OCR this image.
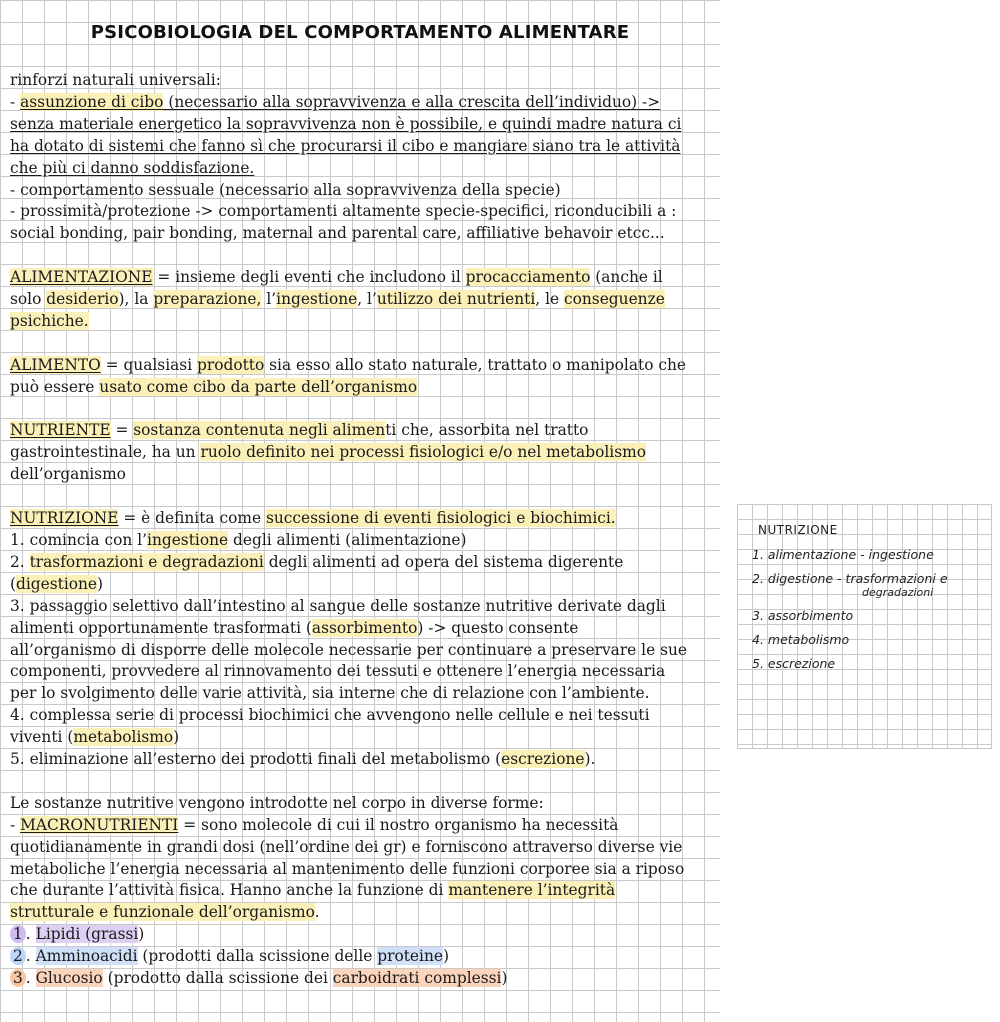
PSICOBIOLOGIA DEL COMPORTAMENTO ALIMENTARE

rinforzi naturali universali:

- assunzione di cibo (necessario alla sopravvivenza e alla crescita dell’individuo) ->

senza materiale energetico la sopravvivenza non è possibile, e quindi madre natura ci

ha dotato di sistemi che fanno sì che procurarsi il cibo e mangiare siano tra le attività

che più ci danno soddisfazione.

- comportamento sessuale (necessario alla sopravvivenza della specie)

- prossimità/protezione -> comportamenti altamente specie-specifici, riconducibili a :

social bonding, pair bonding, maternal and parental care, affiliative behavoir etcc...

ALIMENTAZIONE = insieme degli eventi che includono il procacciamento (anche il

solo desiderio), la preparazione, l’ingestione, l’utilizzo dei nutrienti, le conseguenze

psichiche.

ALIMENTO = qualsiasi prodotto sia esso allo stato naturale, trattato o manipolato che

può essere usato come cibo da parte dell’organismo

NUTRIENTE = sostanza contenuta negli alimenti che, assorbita nel tratto

gastrointestinale, ha un ruolo definito nei processi fisiologici e/o nel metabolismo

dell’organismo

NUTRIZIONE = è definita come successione di eventi fisiologici e biochimici.

1. comincia con l’ingestione degli alimenti (alimentazione)

2. trasformazioni e degradazioni degli alimenti ad opera del sistema digerente

(digestione)

3. passaggio selettivo dall’intestino al sangue delle sostanze nutritive derivate dagli

alimenti opportunamente trasformati (assorbimento) -> questo consente

all’organismo di disporre delle molecole necessarie per continuare a preservare le sue

componenti, provvedere al rinnovamento dei tessuti e ottenere l’energia necessaria

per lo svolgimento delle varie attività, sia interne che di relazione con l’ambiente.

4. complessa serie di processi biochimici che avvengono nelle cellule e nei tessuti

viventi (metabolismo)

5. eliminazione all’esterno dei prodotti finali del metabolismo (escrezione).

Le sostanze nutritive vengono introdotte nel corpo in diverse forme:

- MACRONUTRIENTI = sono molecole di cui il nostro organismo ha necessità

quotidianamente in grandi dosi (nell’ordine dei gr) e forniscono attraverso diverse vie

metaboliche l’energia necessaria al mantenimento delle funzioni corporee sia a riposo

che durante l’attività fisica. Hanno anche la funzione di mantenere l’integrità

strutturale e funzionale dell’organismo.

1 . Lipidi (grassi)

2 . Amminoacidi (prodotti dalla scissione delle proteine)

3 . Glucosio (prodotto dalla scissione dei carboidrati complessi)

NUTRIZIONE
1. alimentazione - ingestione
2. digestione - trasformazioni e
degradazioni
3. assorbimento
4. metabolismo
5. escrezione
